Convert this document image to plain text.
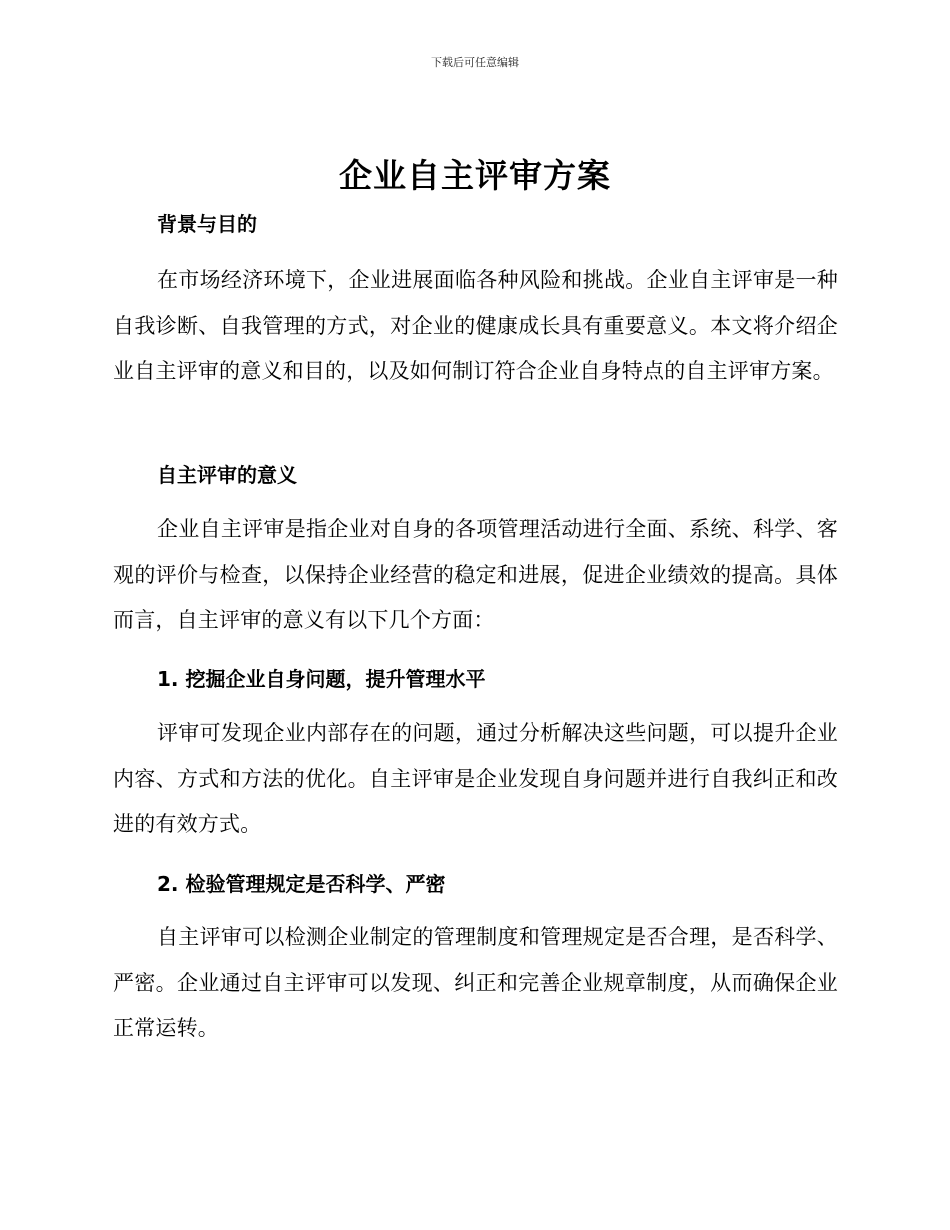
下载后可任意编辑
企业自主评审方案
背景与目的
在市场经济环境下，企业进展面临各种风险和挑战。企业自主评审是一种自我诊断、自我管理的方式，对企业的健康成长具有重要意义。本文将介绍企业自主评审的意义和目的，以及如何制订符合企业自身特点的自主评审方案。
自主评审的意义
企业自主评审是指企业对自身的各项管理活动进行全面、系统、科学、客观的评价与检查，以保持企业经营的稳定和进展，促进企业绩效的提高。具体而言，自主评审的意义有以下几个方面：
1. 挖掘企业自身问题，提升管理水平
评审可发现企业内部存在的问题，通过分析解决这些问题，可以提升企业内容、方式和方法的优化。自主评审是企业发现自身问题并进行自我纠正和改进的有效方式。
2. 检验管理规定是否科学、严密
自主评审可以检测企业制定的管理制度和管理规定是否合理，是否科学、严密。企业通过自主评审可以发现、纠正和完善企业规章制度，从而确保企业正常运转。
